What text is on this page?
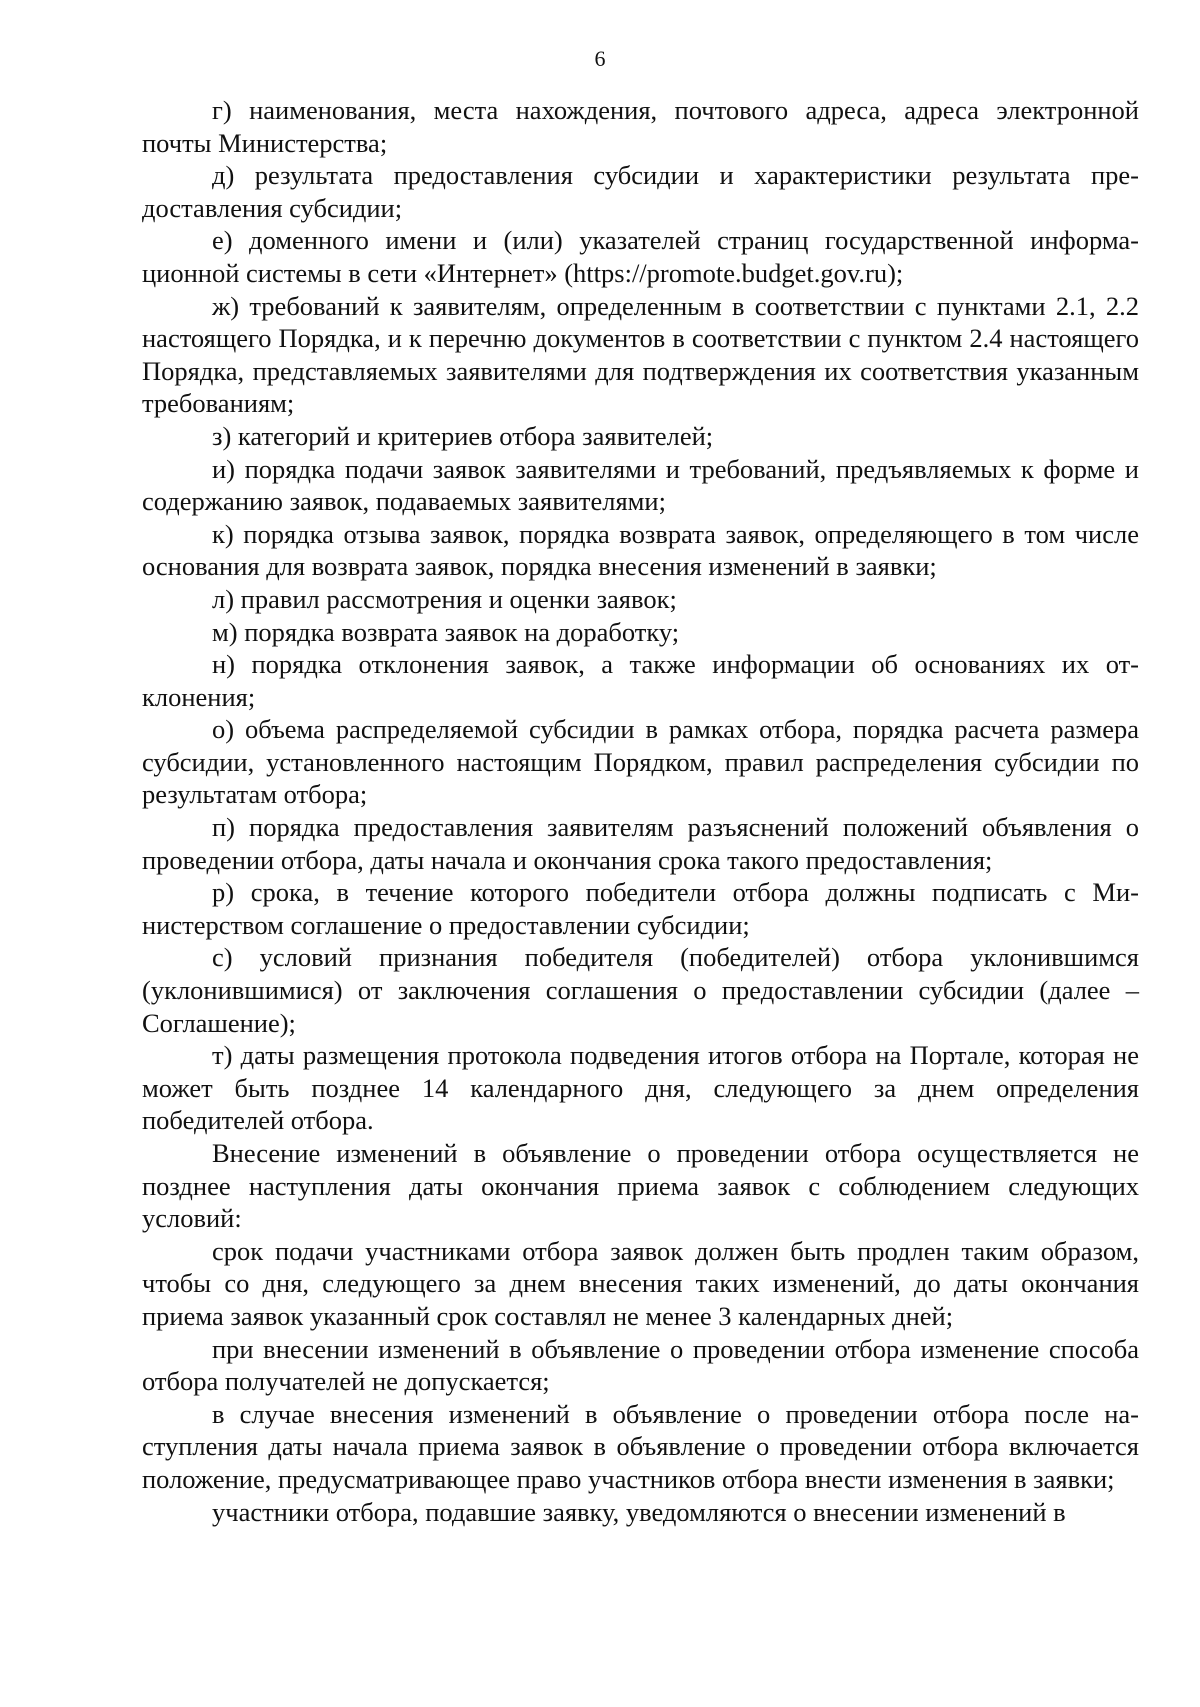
6

г) наименования, места нахождения, почтового адреса, адреса электронной почты Министерства;

д) результата предоставления субсидии и характеристики результата предоставления субсидии;

е) доменного имени и (или) указателей страниц государственной информационной системы в сети «Интернет» (https://promote.budget.gov.ru);

ж) требований к заявителям, определенным в соответствии с пунктами 2.1, 2.2 настоящего Порядка, и к перечню документов в соответствии с пунктом 2.4 настоящего Порядка, представляемых заявителями для подтверждения их соответствия указанным требованиям;

з) категорий и критериев отбора заявителей;

и) порядка подачи заявок заявителями и требований, предъявляемых к форме и содержанию заявок, подаваемых заявителями;

к) порядка отзыва заявок, порядка возврата заявок, определяющего в том числе основания для возврата заявок, порядка внесения изменений в заявки;

л) правил рассмотрения и оценки заявок;

м) порядка возврата заявок на доработку;

н) порядка отклонения заявок, а также информации об основаниях их отклонения;

о) объема распределяемой субсидии в рамках отбора, порядка расчета размера субсидии, установленного настоящим Порядком, правил распределения субсидии по результатам отбора;

п) порядка предоставления заявителям разъяснений положений объявления о проведении отбора, даты начала и окончания срока такого предоставления;

р) срока, в течение которого победители отбора должны подписать с Министерством соглашение о предоставлении субсидии;

с) условий признания победителя (победителей) отбора уклонившимся (уклонившимися) от заключения соглашения о предоставлении субсидии (далее – Соглашение);

т) даты размещения протокола подведения итогов отбора на Портале, которая не может быть позднее 14 календарного дня, следующего за днем определения победителей отбора.

Внесение изменений в объявление о проведении отбора осуществляется не позднее наступления даты окончания приема заявок с соблюдением следующих условий:

срок подачи участниками отбора заявок должен быть продлен таким образом, чтобы со дня, следующего за днем внесения таких изменений, до даты окончания приема заявок указанный срок составлял не менее 3 календарных дней;

при внесении изменений в объявление о проведении отбора изменение способа отбора получателей не допускается;

в случае внесения изменений в объявление о проведении отбора после наступления даты начала приема заявок в объявление о проведении отбора включается положение, предусматривающее право участников отбора внести изменения в заявки;

участники отбора, подавшие заявку, уведомляются о внесении изменений в
